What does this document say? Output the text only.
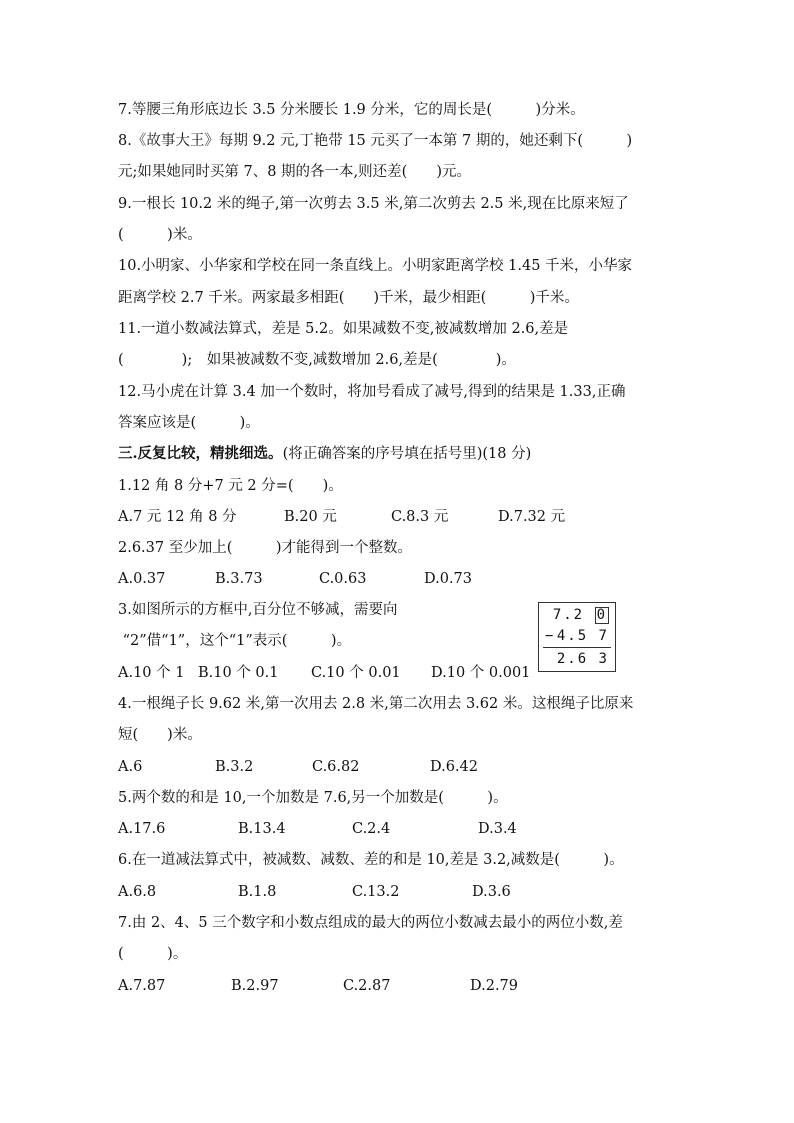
7.等腰三角形底边长 3.5 分米腰长 1.9 分米，它的周长是(　　　)分米。
8.《故事大王》每期 9.2 元,丁艳带 15 元买了一本第 7 期的，她还剩下(　　　)
元;如果她同时买第 7、8 期的各一本,则还差(　　)元。
9.一根长 10.2 米的绳子,第一次剪去 3.5 米,第二次剪去 2.5 米,现在比原来短了
(　　　)米。
10.小明家、小华家和学校在同一条直线上。小明家距离学校 1.45 千米，小华家
距离学校 2.7 千米。两家最多相距(　　)千米，最少相距(　　　)千米。
11.一道小数减法算式，差是 5.2。如果减数不变,被减数增加 2.6,差是
(　　　　);　如果被减数不变,减数增加 2.6,差是(　　　　)。
12.马小虎在计算 3.4 加一个数时，将加号看成了减号,得到的结果是 1.33,正确
答案应该是(　　　)。
三.反复比较，精挑细选。(将正确答案的序号填在括号里)(18 分)
1.12 角 8 分+7 元 2 分=(　　)。
A.7 元 12 角 8 分	B.20 元	C.8.3 元	D.7.32 元
2.6.37 至少加上(　　　)才能得到一个整数。
A.0.37	B.3.73	C.0.63	D.0.73
3.如图所示的方框中,百分位不够减，需要向
“2”借“1”，这个“1”表示(　　　)。
A.10 个 1 B.10 个 0.1 C.10 个 0.01 D.10 个 0.001
4.一根绳子长 9.62 米,第一次用去 2.8 米,第二次用去 3.62 米。这根绳子比原来
短(　　)米。
A.6	B.3.2	C.6.82	D.6.42
5.两个数的和是 10,一个加数是 7.6,另一个加数是(　　　)。
A.17.6	B.13.4	C.2.4	D.3.4
6.在一道减法算式中，被减数、减数、差的和是 10,差是 3.2,减数是(　　　)。
A.6.8	B.1.8	C.13.2	D.3.6
7.由 2、4、5 三个数字和小数点组成的最大的两位小数减去最小的两位小数,差
(　　　)。
A.7.87	B.2.97	C.2.87	D.2.79
7.2 0
− 4.5 7
2.6 3
